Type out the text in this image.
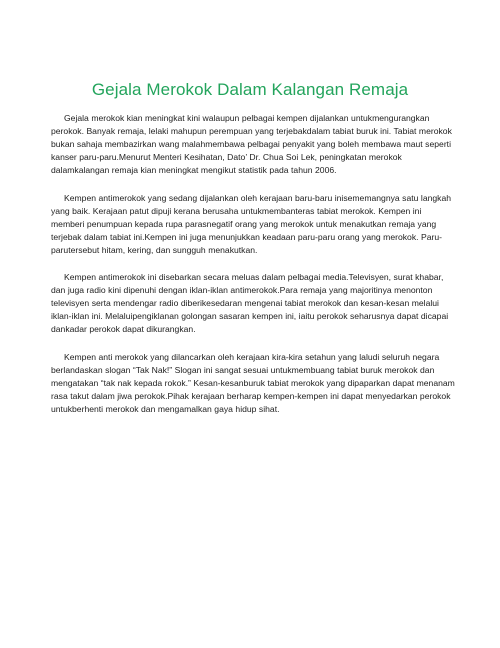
Gejala Merokok Dalam Kalangan Remaja

Gejala merokok kian meningkat kini walaupun pelbagai kempen dijalankan untukmengurangkan perokok. Banyak remaja, lelaki mahupun perempuan yang terjebakdalam tabiat buruk ini. Tabiat merokok bukan sahaja membazirkan wang malahmembawa pelbagai penyakit yang boleh membawa maut seperti kanser paru-paru.Menurut Menteri Kesihatan, Dato’ Dr. Chua Soi Lek, peningkatan merokok dalamkalangan remaja kian meningkat mengikut statistik pada tahun 2006.

Kempen antimerokok yang sedang dijalankan oleh kerajaan baru-baru inisememangnya satu langkah yang baik. Kerajaan patut dipuji kerana berusaha untukmembanteras tabiat merokok. Kempen ini memberi penumpuan kepada rupa parasnegatif orang yang merokok untuk menakutkan remaja yang terjebak dalam tabiat ini.Kempen ini juga menunjukkan keadaan paru-paru orang yang merokok. Paru-parutersebut hitam, kering, dan sungguh menakutkan.

Kempen antimerokok ini disebarkan secara meluas dalam pelbagai media.Televisyen, surat khabar, dan juga radio kini dipenuhi dengan iklan-iklan antimerokok.Para remaja yang majoritinya menonton televisyen serta mendengar radio diberikesedaran mengenai tabiat merokok dan kesan-kesan melalui iklan-iklan ini. Melaluipengiklanan golongan sasaran kempen ini, iaitu perokok seharusnya dapat dicapai dankadar perokok dapat dikurangkan.

Kempen anti merokok yang dilancarkan oleh kerajaan kira-kira setahun yang laludi seluruh negara berlandaskan slogan “Tak Nak!” Slogan ini sangat sesuai untukmembuang tabiat buruk merokok dan mengatakan “tak nak kepada rokok.” Kesan-kesanburuk tabiat merokok yang dipaparkan dapat menanam rasa takut dalam jiwa perokok.Pihak kerajaan berharap kempen-kempen ini dapat menyedarkan perokok untukberhenti merokok dan mengamalkan gaya hidup sihat.
